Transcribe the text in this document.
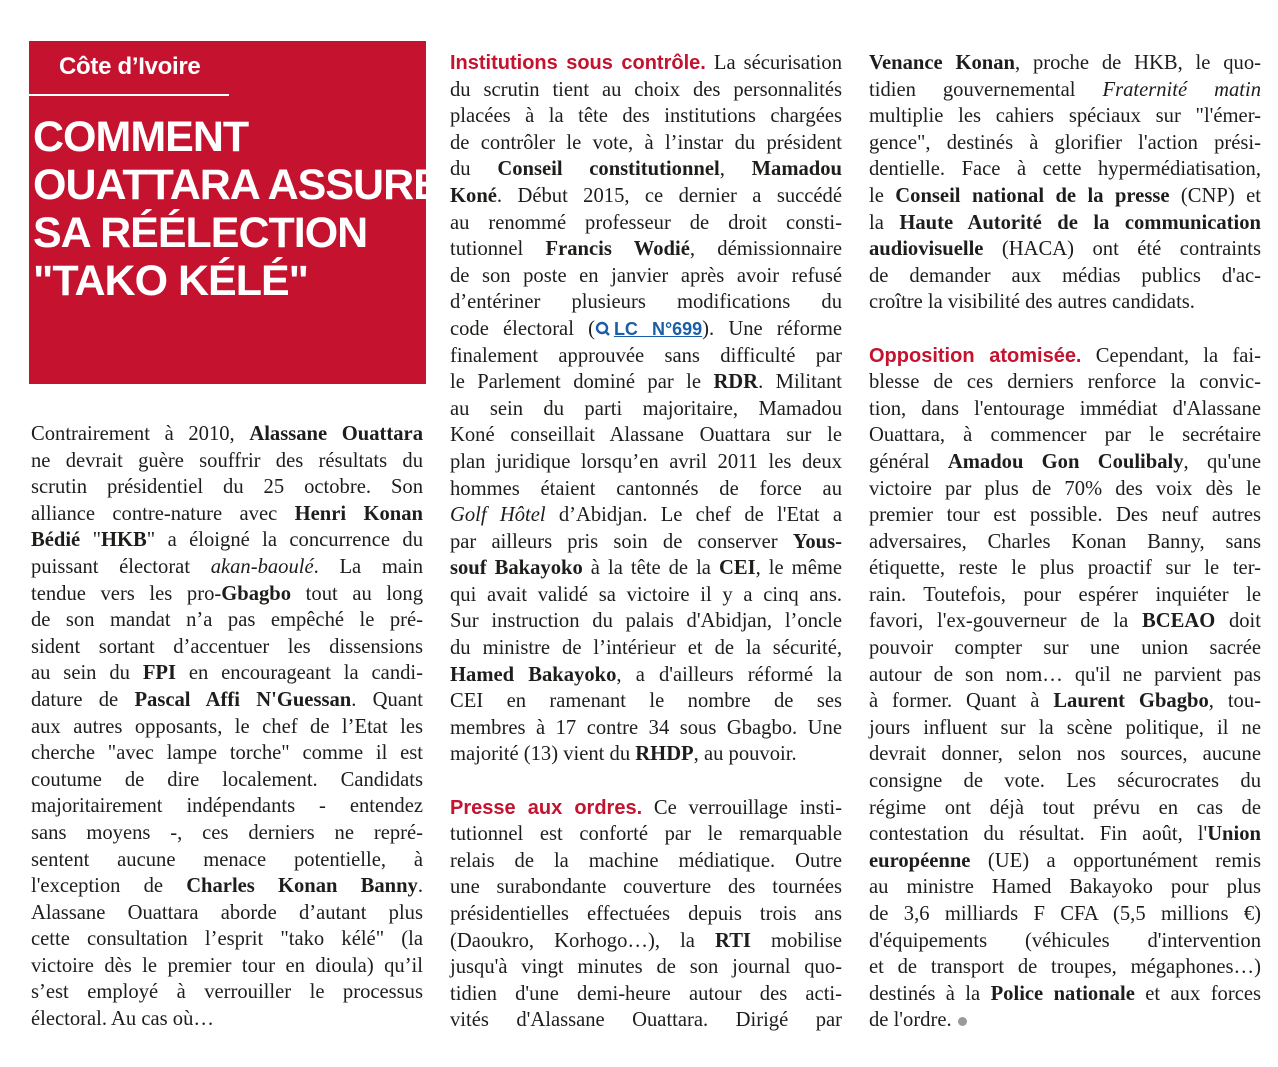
Côte d’Ivoire
COMMENT
OUATTARA ASSURE
SA RÉÉLECTION
"TAKO KÉLÉ"
Contrairement à 2010, Alassane Ouattara
ne devrait guère souffrir des résultats du
scrutin présidentiel du 25 octobre. Son
alliance contre-nature avec Henri Konan
Bédié "HKB" a éloigné la concurrence du
puissant électorat akan-baoulé. La main
tendue vers les pro-Gbagbo tout au long
de son mandat n’a pas empêché le pré-
sident sortant d’accentuer les dissensions
au sein du FPI en encourageant la candi-
dature de Pascal Affi N'Guessan. Quant
aux autres opposants, le chef de l’Etat les
cherche "avec lampe torche" comme il est
coutume de dire localement. Candidats
majoritairement indépendants - entendez
sans moyens -, ces derniers ne repré-
sentent aucune menace potentielle, à
l'exception de Charles Konan Banny.
Alassane Ouattara aborde d’autant plus
cette consultation l’esprit "tako kélé" (la
victoire dès le premier tour en dioula) qu’il
s’est employé à verrouiller le processus
électoral. Au cas où…
Institutions sous contrôle. La sécurisation
du scrutin tient au choix des personnalités
placées à la tête des institutions chargées
de contrôler le vote, à l’instar du président
du Conseil constitutionnel, Mamadou
Koné. Début 2015, ce dernier a succédé
au renommé professeur de droit consti-
tutionnel Francis Wodié, démissionnaire
de son poste en janvier après avoir refusé
d’entériner plusieurs modifications du
code électoral ( LC N°699). Une réforme
finalement approuvée sans difficulté par
le Parlement dominé par le RDR. Militant
au sein du parti majoritaire, Mamadou
Koné conseillait Alassane Ouattara sur le
plan juridique lorsqu’en avril 2011 les deux
hommes étaient cantonnés de force au
Golf Hôtel d’Abidjan. Le chef de l'Etat a
par ailleurs pris soin de conserver Yous-
souf Bakayoko à la tête de la CEI, le même
qui avait validé sa victoire il y a cinq ans.
Sur instruction du palais d'Abidjan, l’oncle
du ministre de l’intérieur et de la sécurité,
Hamed Bakayoko, a d'ailleurs réformé la
CEI en ramenant le nombre de ses
membres à 17 contre 34 sous Gbagbo. Une
majorité (13) vient du RHDP, au pouvoir.
Presse aux ordres. Ce verrouillage insti-
tutionnel est conforté par le remarquable
relais de la machine médiatique. Outre
une surabondante couverture des tournées
présidentielles effectuées depuis trois ans
(Daoukro, Korhogo…), la RTI mobilise
jusqu'à vingt minutes de son journal quo-
tidien d'une demi-heure autour des acti-
vités d'Alassane Ouattara. Dirigé par
Venance Konan, proche de HKB, le quo-
tidien gouvernemental Fraternité matin
multiplie les cahiers spéciaux sur "l'émer-
gence", destinés à glorifier l'action prési-
dentielle. Face à cette hypermédiatisation,
le Conseil national de la presse (CNP) et
la Haute Autorité de la communication
audiovisuelle (HACA) ont été contraints
de demander aux médias publics d'ac-
croître la visibilité des autres candidats.
Opposition atomisée. Cependant, la fai-
blesse de ces derniers renforce la convic-
tion, dans l'entourage immédiat d'Alassane
Ouattara, à commencer par le secrétaire
général Amadou Gon Coulibaly, qu'une
victoire par plus de 70% des voix dès le
premier tour est possible. Des neuf autres
adversaires, Charles Konan Banny, sans
étiquette, reste le plus proactif sur le ter-
rain. Toutefois, pour espérer inquiéter le
favori, l'ex-gouverneur de la BCEAO doit
pouvoir compter sur une union sacrée
autour de son nom… qu'il ne parvient pas
à former. Quant à Laurent Gbagbo, tou-
jours influent sur la scène politique, il ne
devrait donner, selon nos sources, aucune
consigne de vote. Les sécurocrates du
régime ont déjà tout prévu en cas de
contestation du résultat. Fin août, l'Union
européenne (UE) a opportunément remis
au ministre Hamed Bakayoko pour plus
de 3,6 milliards F CFA (5,5 millions €)
d'équipements (véhicules d'intervention
et de transport de troupes, mégaphones…)
destinés à la Police nationale et aux forces
de l'ordre.
